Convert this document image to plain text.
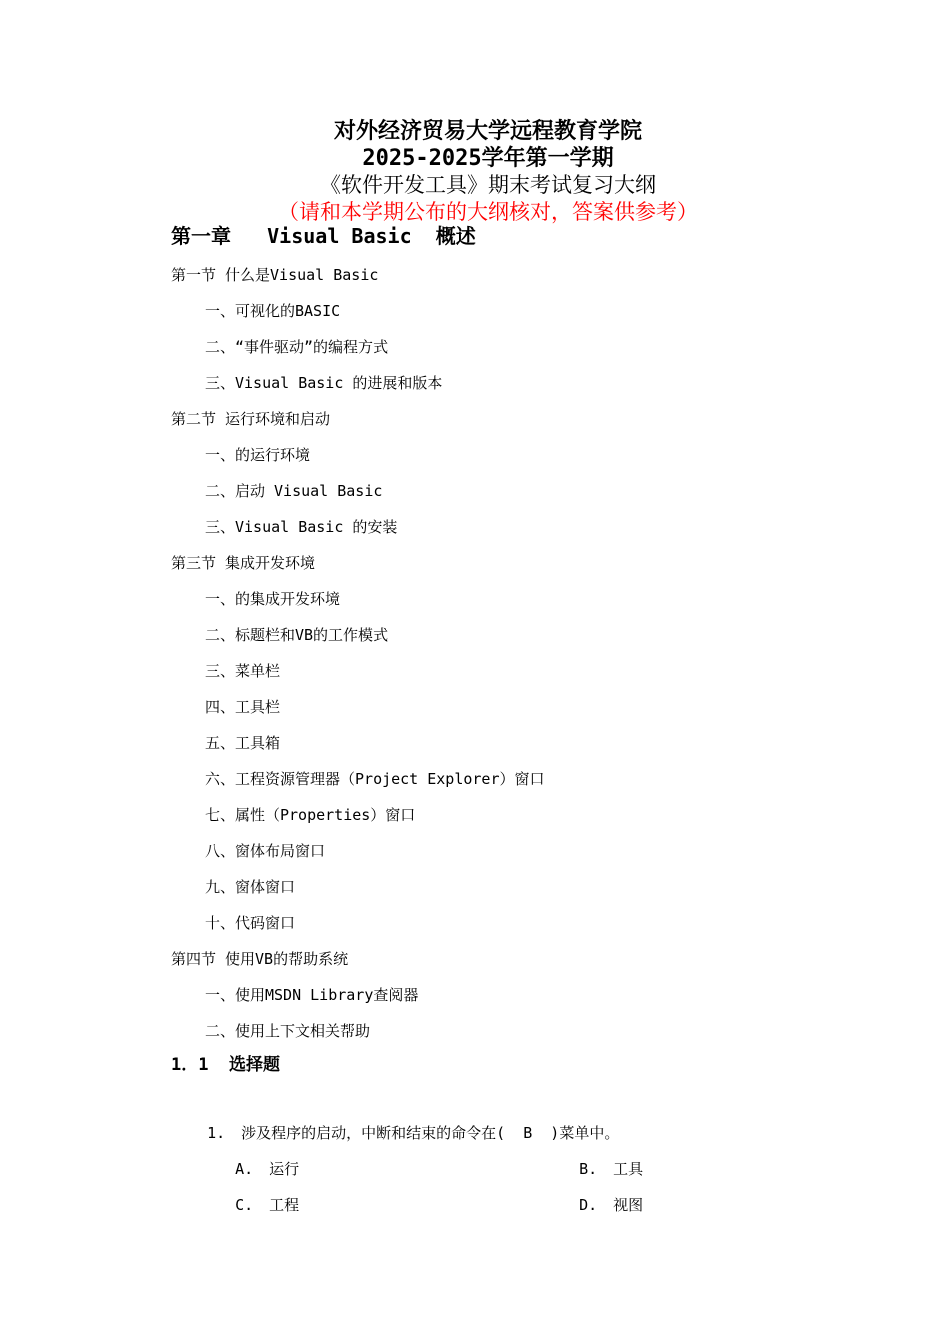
对外经济贸易大学远程教育学院
2025-2025学年第一学期
《软件开发工具》期末考试复习大纲
（请和本学期公布的大纲核对，答案供参考）
第一章   Visual Basic  概述
第一节 什么是Visual Basic
一、可视化的BASIC
二、“事件驱动”的编程方式
三、Visual Basic 的进展和版本
第二节 运行环境和启动
一、的运行环境
二、启动 Visual Basic
三、Visual Basic 的安装
第三节 集成开发环境
一、的集成开发环境
二、标题栏和VB的工作模式
三、菜单栏
四、工具栏
五、工具箱
六、工程资源管理器（Project Explorer）窗口
七、属性（Properties）窗口
八、窗体布局窗口
九、窗体窗口
十、代码窗口
第四节 使用VB的帮助系统
一、使用MSDN Library查阅器
二、使用上下文相关帮助
1．1  选择题

1. 涉及程序的启动，中断和结束的命令在(  B  )菜单中。

A. 运行
	B. 工具

C. 工程
	D. 视图
